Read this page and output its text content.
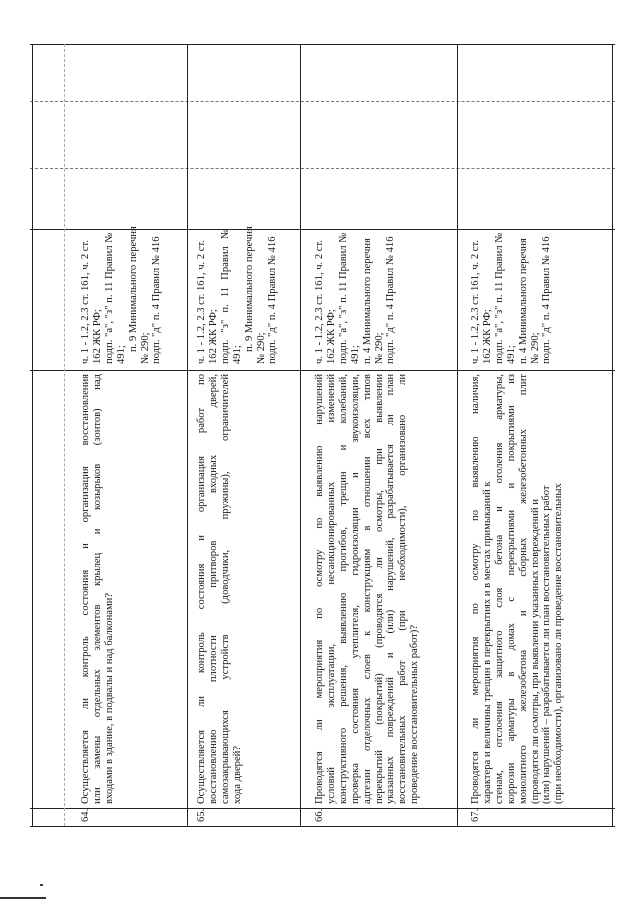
64.
Осуществляется ли контроль состояния и организация восстановления или замены отдельных элементов крылец и козырьков (зонтов) над входами в здание, в подвалы и над балконами?
ч. 1 - 1.2, 2.3 ст. 161, ч. 2 ст. 162 ЖК РФ; подп. "а", "з" п. 11 Правил № 491;
п. 9 Минимального перечня № 290; подп. "д" п. 4 Правил № 416
65.
Осуществляется ли контроль состояния и организация работ по восстановлению плотности притворов входных дверей, самозакрывающихся устройств (доводчики, пружины), ограничителей хода дверей?
ч. 1 - 1.2, 2.3 ст. 161, ч. 2 ст. 162 ЖК РФ; подп. "з" п. 11 Правил № 491;
п. 9 Минимального перечня № 290; подп. "д" п. 4 Правил № 416
66.
Проводятся ли мероприятия по осмотру по выявлению нарушений условий эксплуатации, несанкционированных изменений конструктивного решения, выявлению прогибов, трещин и колебаний, проверка состояния утеплителя, гидроизоляции и звукоизоляции, адгезии отделочных слоев к конструкциям в отношении всех типов перекрытий (покрытий) (проводятся ли осмотры, при выявлении указанных повреждений и (или) нарушений, разрабатывается ли план восстановительных работ (при необходимости), организовано ли проведение восстановительных работ)?
ч. 1 - 1.2, 2.3 ст. 161, ч. 2 ст. 162 ЖК РФ; подп. "а", "з" п. 11 Правил № 491; п. 4 Минимального перечня № 290; подп. "д" п. 4 Правил № 416
67.
Проводятся ли мероприятия по осмотру по выявлению наличия, характера и величины трещин в перекрытиях и в местах примыканий к стенам, отслоения защитного слоя бетона и оголения арматуры, коррозии арматуры в домах с перекрытиями и покрытиями из монолитного железобетона и сборных железобетонных плит (проводятся ли осмотры, при выявлении указанных повреждений и (или) нарушений – разрабатывается ли план восстановительных работ (при необходимости), организовано ли проведение восстановительных
ч. 1 - 1.2, 2.3 ст. 161, ч. 2 ст. 162 ЖК РФ; подп. "а", "з" п. 11 Правил № 491; п. 4 Минимального перечня № 290; подп. "д" п. 4 Правил № 416
